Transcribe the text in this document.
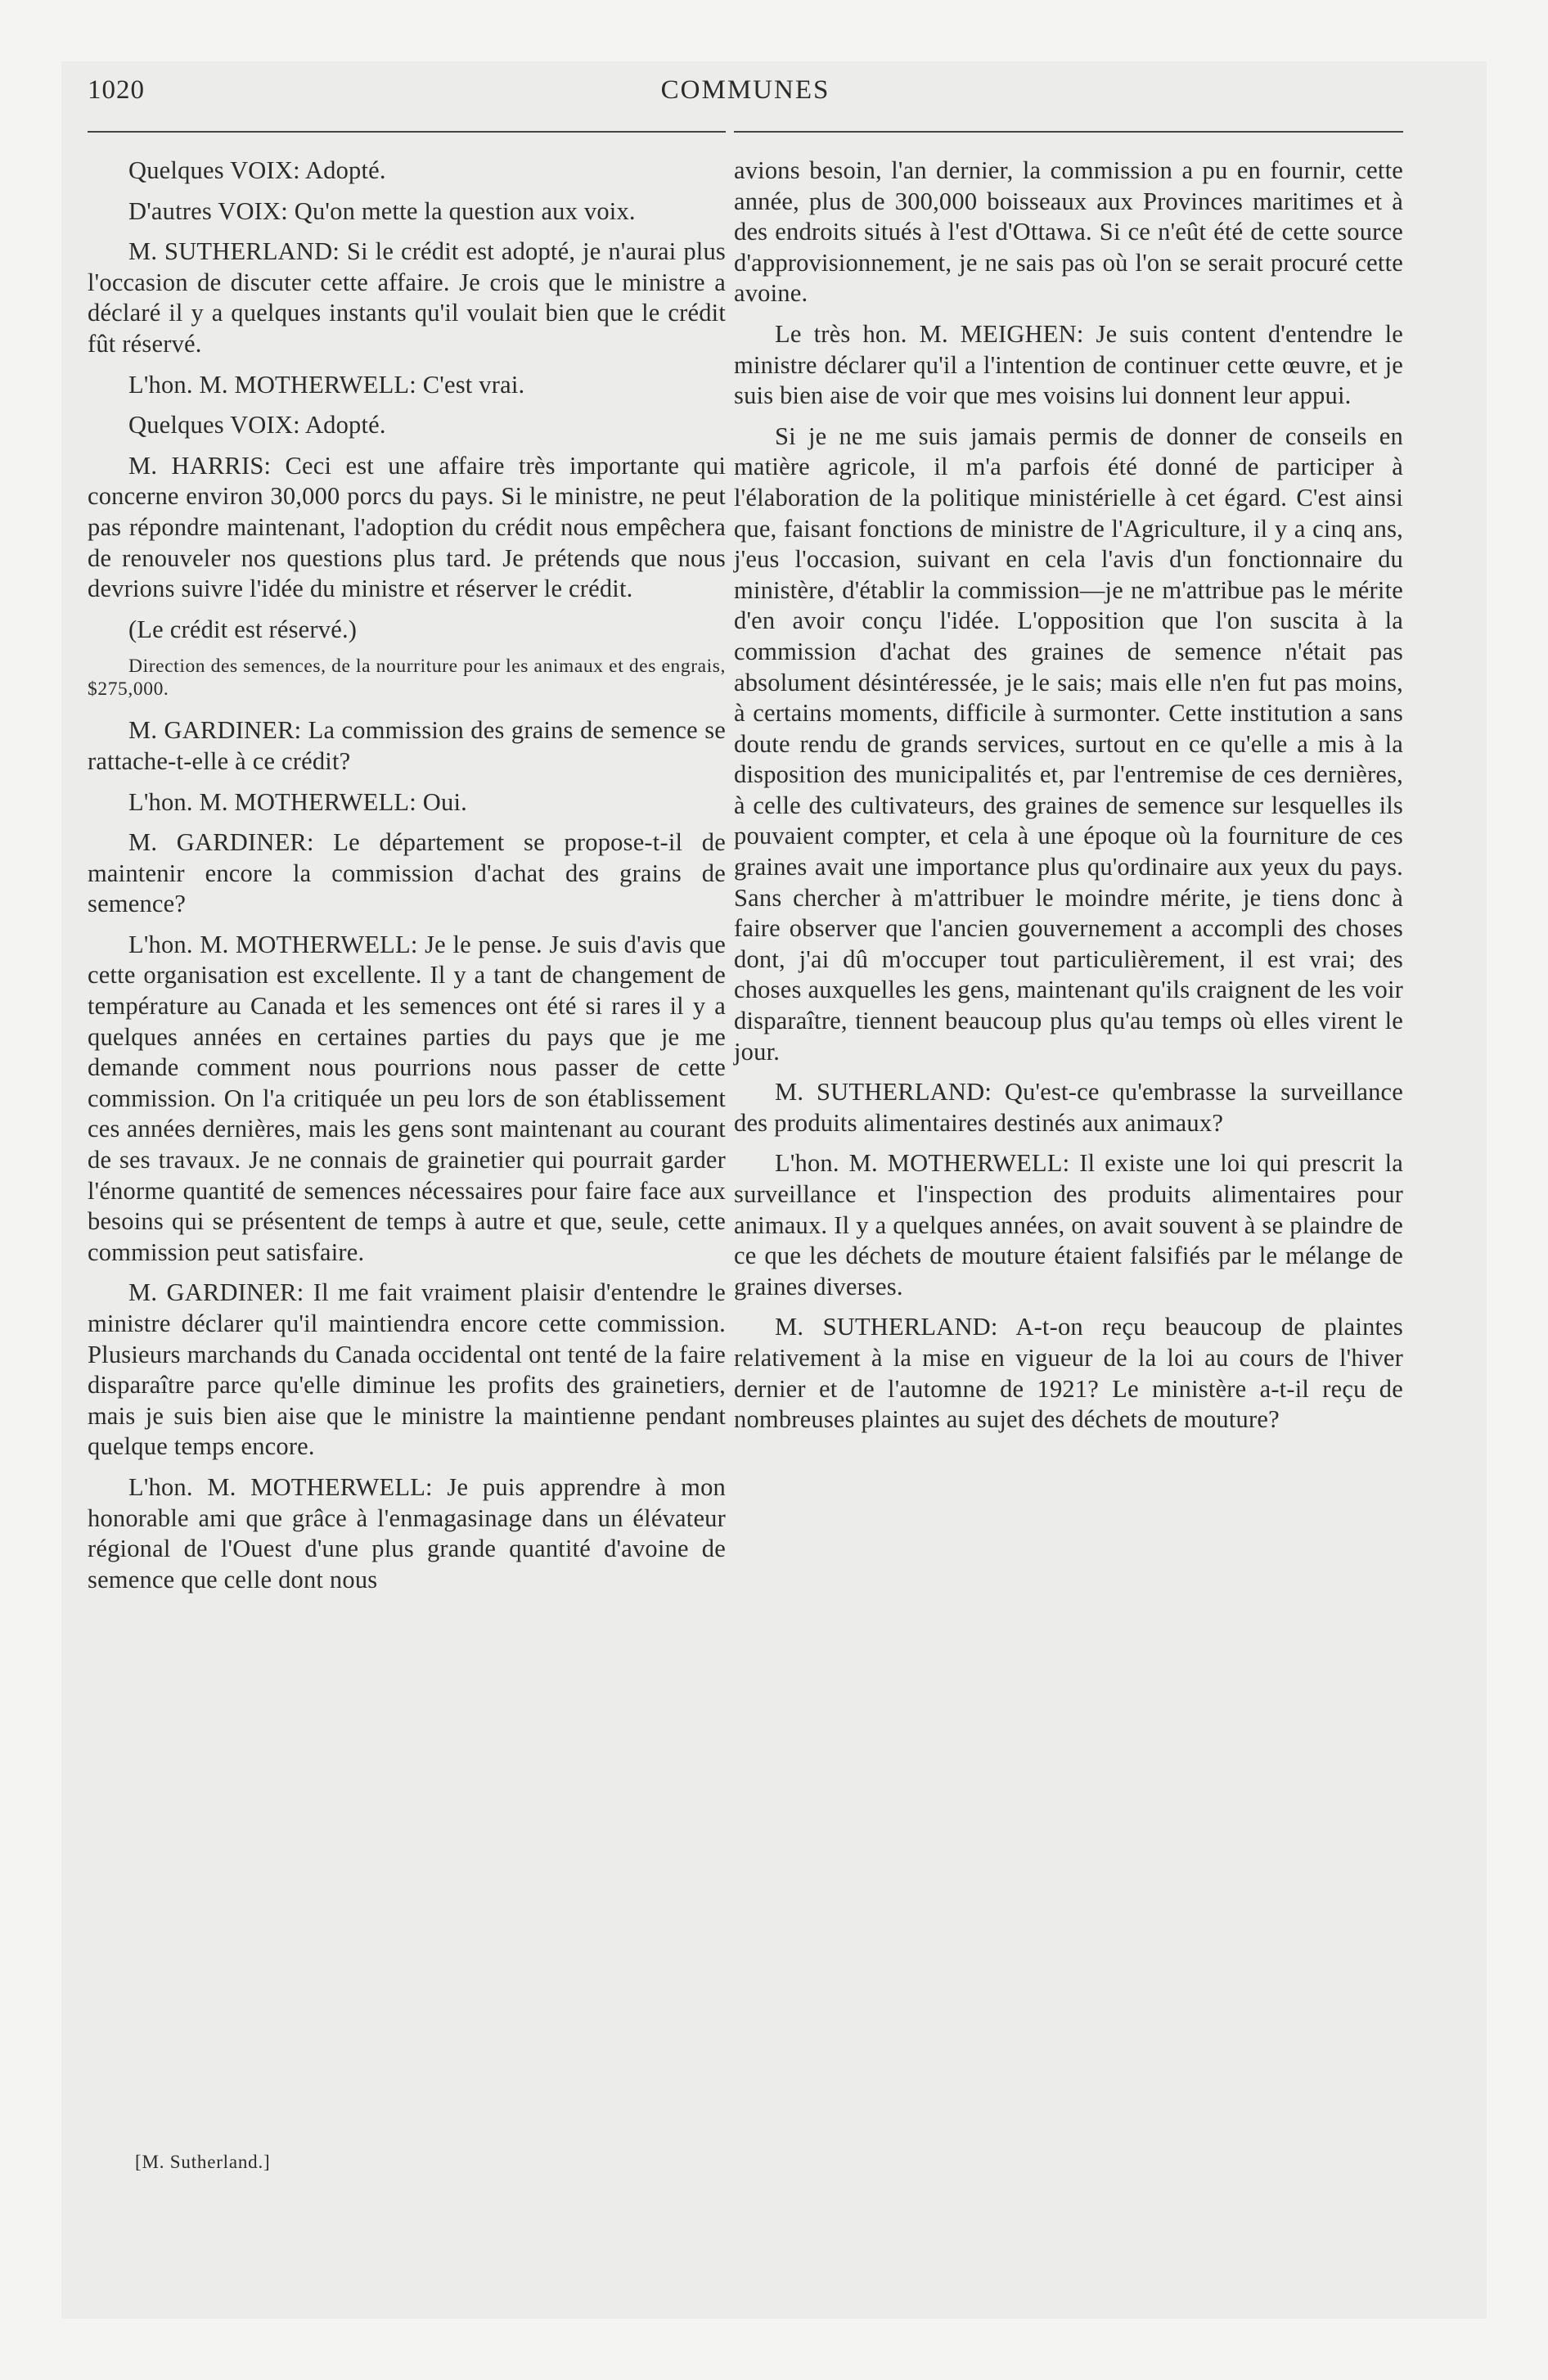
1020	COMMUNES

Quelques VOIX: Adopté.

D'autres VOIX: Qu'on mette la question aux voix.

M. SUTHERLAND: Si le crédit est adopté, je n'aurai plus l'occasion de discuter cette affaire. Je crois que le ministre a déclaré il y a quelques instants qu'il voulait bien que le crédit fût réservé.

L'hon. M. MOTHERWELL: C'est vrai.

Quelques VOIX: Adopté.

M. HARRIS: Ceci est une affaire très importante qui concerne environ 30,000 porcs du pays. Si le ministre, ne peut pas répondre maintenant, l'adoption du crédit nous empêchera de renouveler nos questions plus tard. Je prétends que nous devrions suivre l'idée du ministre et réserver le crédit.

(Le crédit est réservé.)

Direction des semences, de la nourriture pour les animaux et des engrais, $275,000.

M. GARDINER: La commission des grains de semence se rattache-t-elle à ce crédit?

L'hon. M. MOTHERWELL: Oui.

M. GARDINER: Le département se propose-t-il de maintenir encore la commission d'achat des grains de semence?

L'hon. M. MOTHERWELL: Je le pense. Je suis d'avis que cette organisation est excellente. Il y a tant de changement de température au Canada et les semences ont été si rares il y a quelques années en certaines parties du pays que je me demande comment nous pourrions nous passer de cette commission. On l'a critiquée un peu lors de son établissement ces années dernières, mais les gens sont maintenant au courant de ses travaux. Je ne connais de grainetier qui pourrait garder l'énorme quantité de semences nécessaires pour faire face aux besoins qui se présentent de temps à autre et que, seule, cette commission peut satisfaire.

M. GARDINER: Il me fait vraiment plaisir d'entendre le ministre déclarer qu'il maintiendra encore cette commission. Plusieurs marchands du Canada occidental ont tenté de la faire disparaître parce qu'elle diminue les profits des grainetiers, mais je suis bien aise que le ministre la maintienne pendant quelque temps encore.

L'hon. M. MOTHERWELL: Je puis apprendre à mon honorable ami que grâce à l'enmagasinage dans un élévateur régional de l'Ouest d'une plus grande quantité d'avoine de semence que celle dont nous

avions besoin, l'an dernier, la commission a pu en fournir, cette année, plus de 300,000 boisseaux aux Provinces maritimes et à des endroits situés à l'est d'Ottawa. Si ce n'eût été de cette source d'approvisionnement, je ne sais pas où l'on se serait procuré cette avoine.

Le très hon. M. MEIGHEN: Je suis content d'entendre le ministre déclarer qu'il a l'intention de continuer cette œuvre, et je suis bien aise de voir que mes voisins lui donnent leur appui.

Si je ne me suis jamais permis de donner de conseils en matière agricole, il m'a parfois été donné de participer à l'élaboration de la politique ministérielle à cet égard. C'est ainsi que, faisant fonctions de ministre de l'Agriculture, il y a cinq ans, j'eus l'occasion, suivant en cela l'avis d'un fonctionnaire du ministère, d'établir la commission—je ne m'attribue pas le mérite d'en avoir conçu l'idée. L'opposition que l'on suscita à la commission d'achat des graines de semence n'était pas absolument désintéressée, je le sais; mais elle n'en fut pas moins, à certains moments, difficile à surmonter. Cette institution a sans doute rendu de grands services, surtout en ce qu'elle a mis à la disposition des municipalités et, par l'entremise de ces dernières, à celle des cultivateurs, des graines de semence sur lesquelles ils pouvaient compter, et cela à une époque où la fourniture de ces graines avait une importance plus qu'ordinaire aux yeux du pays. Sans chercher à m'attribuer le moindre mérite, je tiens donc à faire observer que l'ancien gouvernement a accompli des choses dont, j'ai dû m'occuper tout particulièrement, il est vrai; des choses auxquelles les gens, maintenant qu'ils craignent de les voir disparaître, tiennent beaucoup plus qu'au temps où elles virent le jour.

M. SUTHERLAND: Qu'est-ce qu'embrasse la surveillance des produits alimentaires destinés aux animaux?

L'hon. M. MOTHERWELL: Il existe une loi qui prescrit la surveillance et l'inspection des produits alimentaires pour animaux. Il y a quelques années, on avait souvent à se plaindre de ce que les déchets de mouture étaient falsifiés par le mélange de graines diverses.

M. SUTHERLAND: A-t-on reçu beaucoup de plaintes relativement à la mise en vigueur de la loi au cours de l'hiver dernier et de l'automne de 1921? Le ministère a-t-il reçu de nombreuses plaintes au sujet des déchets de mouture?

[M. Sutherland.]
